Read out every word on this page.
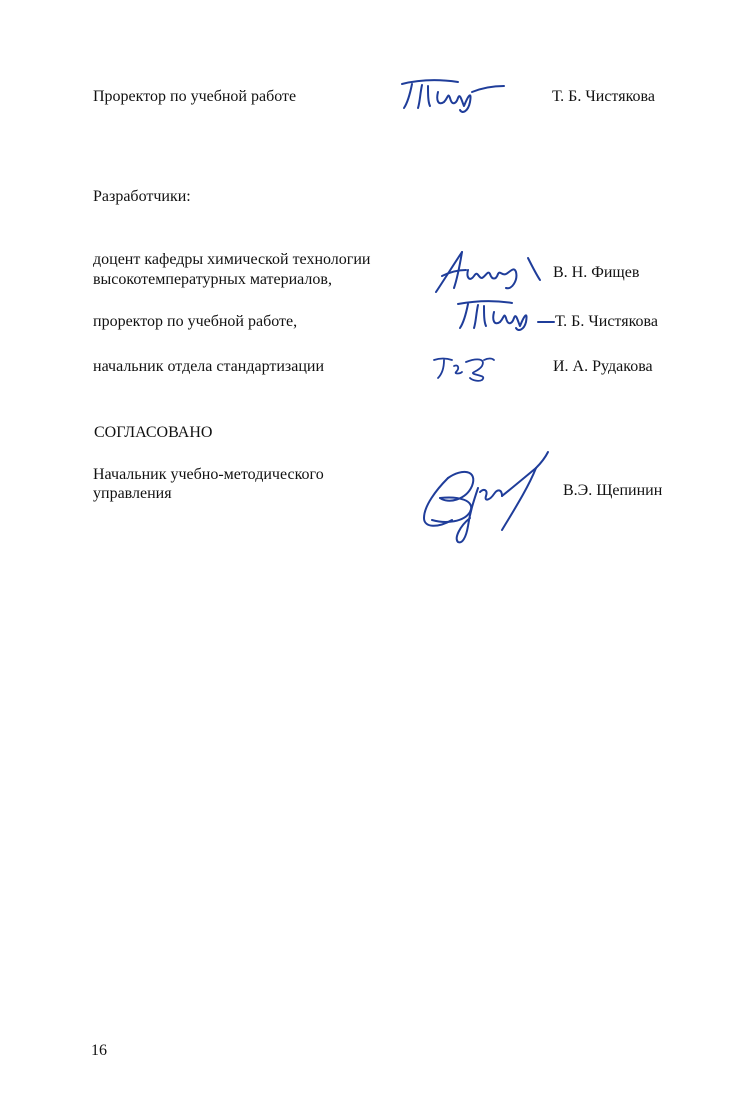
Проректор по учебной работе	Т. Б. Чистякова
Разработчики:
доцент кафедры химической технологии
высокотемпературных материалов,	В. Н. Фищев
проректор по учебной работе,	Т. Б. Чистякова
начальник отдела стандартизации	И. А. Рудакова
СОГЛАСОВАНО
Начальник учебно-методического
управления	В.Э. Щепинин
16
